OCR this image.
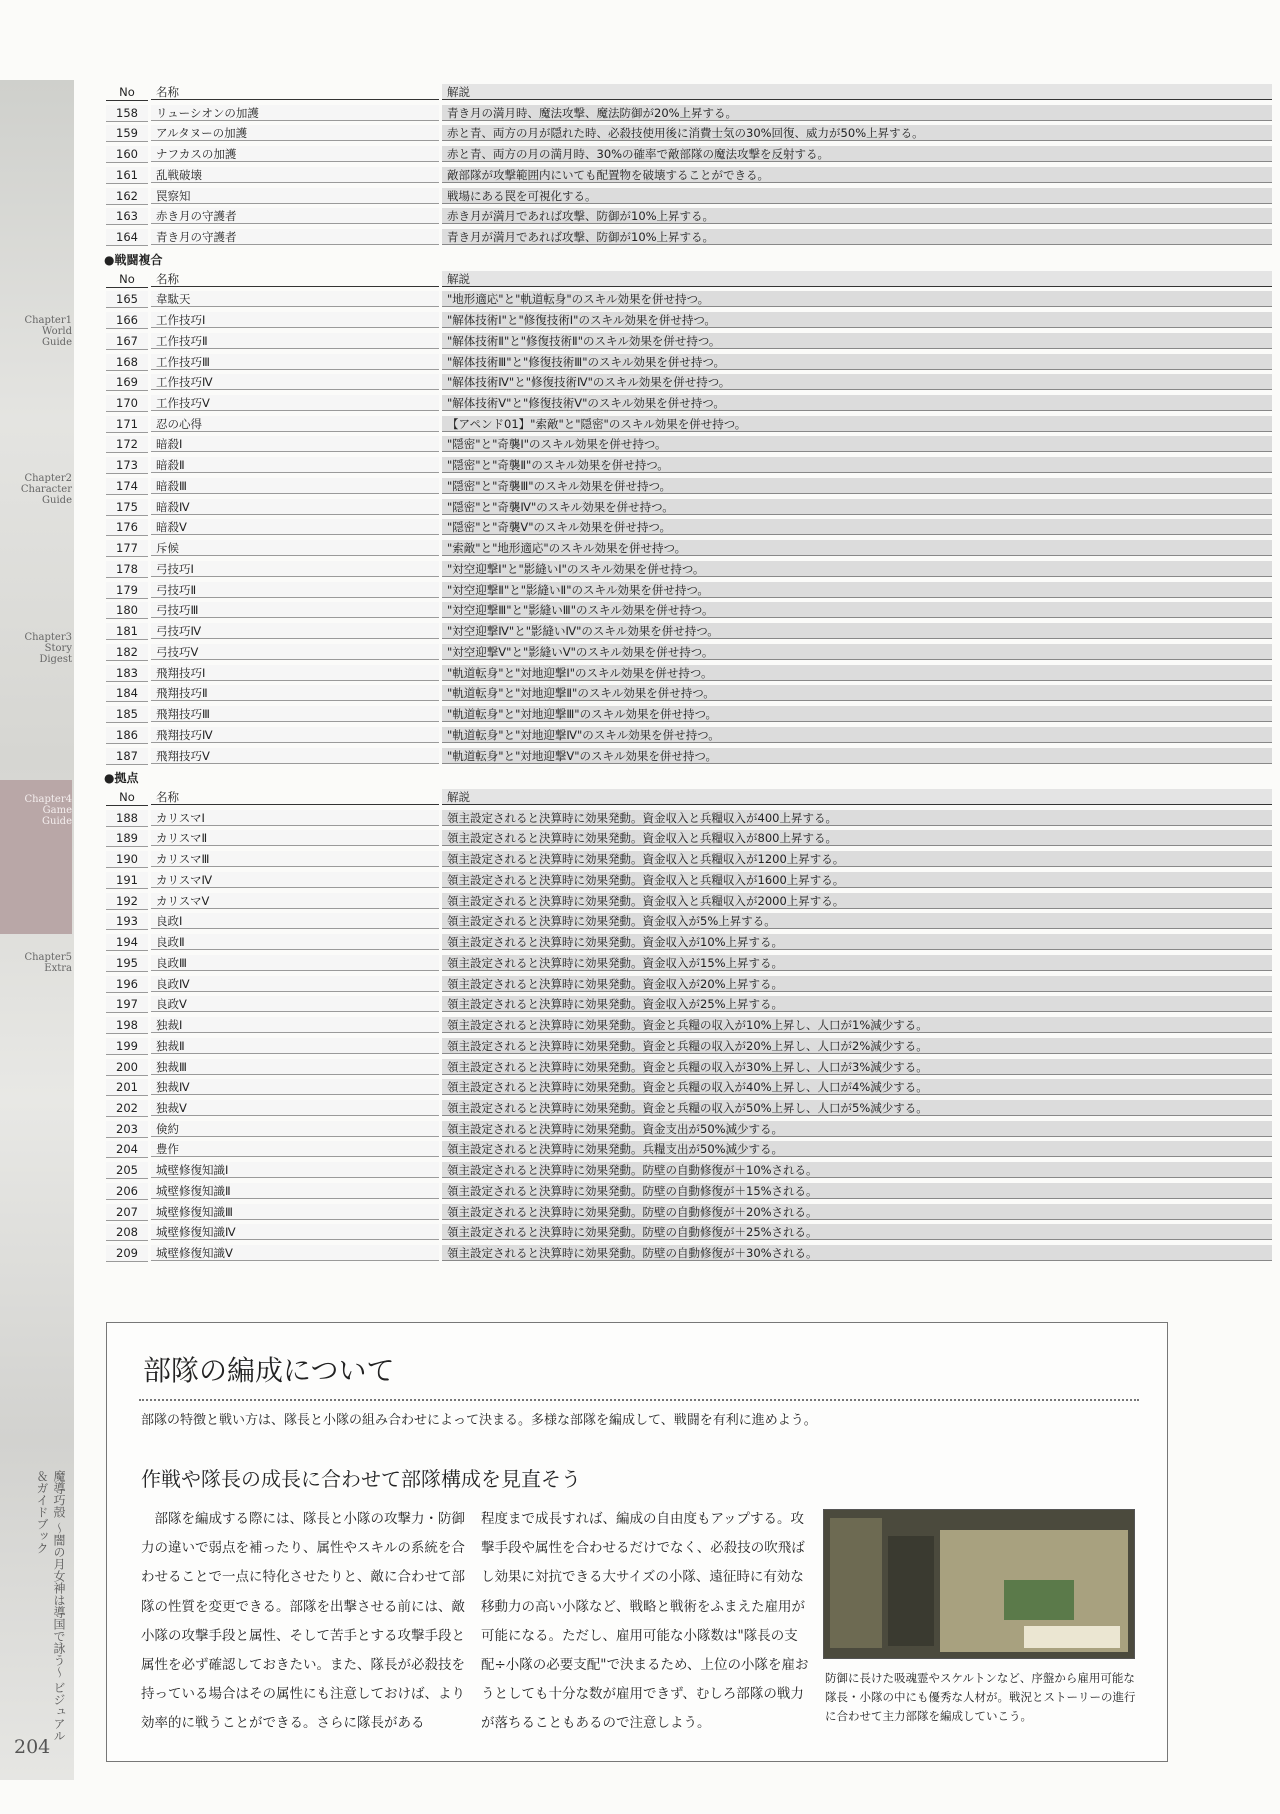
Chapter1
World
Guide
Chapter2
Character
Guide
Chapter3
Story
Digest
Chapter4
Game
Guide
Chapter5
Extra
魔導巧殻 〜闇の月女神は導国で詠う〜 ビジュアル＆ガイドブック
204
No	名称	解説
158	リューシオンの加護	青き月の満月時、魔法攻撃、魔法防御が20%上昇する。
159	アルタヌーの加護	赤と青、両方の月が隠れた時、必殺技使用後に消費士気の30%回復、威力が50%上昇する。
160	ナフカスの加護	赤と青、両方の月の満月時、30%の確率で敵部隊の魔法攻撃を反射する。
161	乱戦破壊	敵部隊が攻撃範囲内にいても配置物を破壊することができる。
162	罠察知	戦場にある罠を可視化する。
163	赤き月の守護者	赤き月が満月であれば攻撃、防御が10%上昇する。
164	青き月の守護者	青き月が満月であれば攻撃、防御が10%上昇する。
●戦闘複合
No	名称	解説
165	韋駄天	"地形適応"と"軌道転身"のスキル効果を併せ持つ。
166	工作技巧Ⅰ	"解体技術Ⅰ"と"修復技術Ⅰ"のスキル効果を併せ持つ。
167	工作技巧Ⅱ	"解体技術Ⅱ"と"修復技術Ⅱ"のスキル効果を併せ持つ。
168	工作技巧Ⅲ	"解体技術Ⅲ"と"修復技術Ⅲ"のスキル効果を併せ持つ。
169	工作技巧Ⅳ	"解体技術Ⅳ"と"修復技術Ⅳ"のスキル効果を併せ持つ。
170	工作技巧Ⅴ	"解体技術Ⅴ"と"修復技術Ⅴ"のスキル効果を併せ持つ。
171	忍の心得	【アペンド01】"索敵"と"隠密"のスキル効果を併せ持つ。
172	暗殺Ⅰ	"隠密"と"奇襲Ⅰ"のスキル効果を併せ持つ。
173	暗殺Ⅱ	"隠密"と"奇襲Ⅱ"のスキル効果を併せ持つ。
174	暗殺Ⅲ	"隠密"と"奇襲Ⅲ"のスキル効果を併せ持つ。
175	暗殺Ⅳ	"隠密"と"奇襲Ⅳ"のスキル効果を併せ持つ。
176	暗殺Ⅴ	"隠密"と"奇襲Ⅴ"のスキル効果を併せ持つ。
177	斥候	"索敵"と"地形適応"のスキル効果を併せ持つ。
178	弓技巧Ⅰ	"対空迎撃Ⅰ"と"影縫いⅠ"のスキル効果を併せ持つ。
179	弓技巧Ⅱ	"対空迎撃Ⅱ"と"影縫いⅡ"のスキル効果を併せ持つ。
180	弓技巧Ⅲ	"対空迎撃Ⅲ"と"影縫いⅢ"のスキル効果を併せ持つ。
181	弓技巧Ⅳ	"対空迎撃Ⅳ"と"影縫いⅣ"のスキル効果を併せ持つ。
182	弓技巧Ⅴ	"対空迎撃Ⅴ"と"影縫いⅤ"のスキル効果を併せ持つ。
183	飛翔技巧Ⅰ	"軌道転身"と"対地迎撃Ⅰ"のスキル効果を併せ持つ。
184	飛翔技巧Ⅱ	"軌道転身"と"対地迎撃Ⅱ"のスキル効果を併せ持つ。
185	飛翔技巧Ⅲ	"軌道転身"と"対地迎撃Ⅲ"のスキル効果を併せ持つ。
186	飛翔技巧Ⅳ	"軌道転身"と"対地迎撃Ⅳ"のスキル効果を併せ持つ。
187	飛翔技巧Ⅴ	"軌道転身"と"対地迎撃Ⅴ"のスキル効果を併せ持つ。
●拠点
No	名称	解説
188	カリスマⅠ	領主設定されると決算時に効果発動。資金収入と兵糧収入が400上昇する。
189	カリスマⅡ	領主設定されると決算時に効果発動。資金収入と兵糧収入が800上昇する。
190	カリスマⅢ	領主設定されると決算時に効果発動。資金収入と兵糧収入が1200上昇する。
191	カリスマⅣ	領主設定されると決算時に効果発動。資金収入と兵糧収入が1600上昇する。
192	カリスマⅤ	領主設定されると決算時に効果発動。資金収入と兵糧収入が2000上昇する。
193	良政Ⅰ	領主設定されると決算時に効果発動。資金収入が5%上昇する。
194	良政Ⅱ	領主設定されると決算時に効果発動。資金収入が10%上昇する。
195	良政Ⅲ	領主設定されると決算時に効果発動。資金収入が15%上昇する。
196	良政Ⅳ	領主設定されると決算時に効果発動。資金収入が20%上昇する。
197	良政Ⅴ	領主設定されると決算時に効果発動。資金収入が25%上昇する。
198	独裁Ⅰ	領主設定されると決算時に効果発動。資金と兵糧の収入が10%上昇し、人口が1%減少する。
199	独裁Ⅱ	領主設定されると決算時に効果発動。資金と兵糧の収入が20%上昇し、人口が2%減少する。
200	独裁Ⅲ	領主設定されると決算時に効果発動。資金と兵糧の収入が30%上昇し、人口が3%減少する。
201	独裁Ⅳ	領主設定されると決算時に効果発動。資金と兵糧の収入が40%上昇し、人口が4%減少する。
202	独裁Ⅴ	領主設定されると決算時に効果発動。資金と兵糧の収入が50%上昇し、人口が5%減少する。
203	倹約	領主設定されると決算時に効果発動。資金支出が50%減少する。
204	豊作	領主設定されると決算時に効果発動。兵糧支出が50%減少する。
205	城壁修復知識Ⅰ	領主設定されると決算時に効果発動。防壁の自動修復が＋10%される。
206	城壁修復知識Ⅱ	領主設定されると決算時に効果発動。防壁の自動修復が＋15%される。
207	城壁修復知識Ⅲ	領主設定されると決算時に効果発動。防壁の自動修復が＋20%される。
208	城壁修復知識Ⅳ	領主設定されると決算時に効果発動。防壁の自動修復が＋25%される。
209	城壁修復知識Ⅴ	領主設定されると決算時に効果発動。防壁の自動修復が＋30%される。
部隊の編成について
部隊の特徴と戦い方は、隊長と小隊の組み合わせによって決まる。多様な部隊を編成して、戦闘を有利に進めよう。
作戦や隊長の成長に合わせて部隊構成を見直そう
部隊を編成する際には、隊長と小隊の攻撃力・防御力の違いで弱点を補ったり、属性やスキルの系統を合わせることで一点に特化させたりと、敵に合わせて部隊の性質を変更できる。部隊を出撃させる前には、敵小隊の攻撃手段と属性、そして苦手とする攻撃手段と属性を必ず確認しておきたい。また、隊長が必殺技を持っている場合はその属性にも注意しておけば、より効率的に戦うことができる。さらに隊長がある
程度まで成長すれば、編成の自由度もアップする。攻撃手段や属性を合わせるだけでなく、必殺技の吹飛ばし効果に対抗できる大サイズの小隊、遠征時に有効な移動力の高い小隊など、戦略と戦術をふまえた雇用が可能になる。ただし、雇用可能な小隊数は"隊長の支配÷小隊の必要支配"で決まるため、上位の小隊を雇おうとしても十分な数が雇用できず、むしろ部隊の戦力が落ちることもあるので注意しよう。
防御に長けた吸魂霊やスケルトンなど、序盤から雇用可能な隊長・小隊の中にも優秀な人材が。戦況とストーリーの進行に合わせて主力部隊を編成していこう。
